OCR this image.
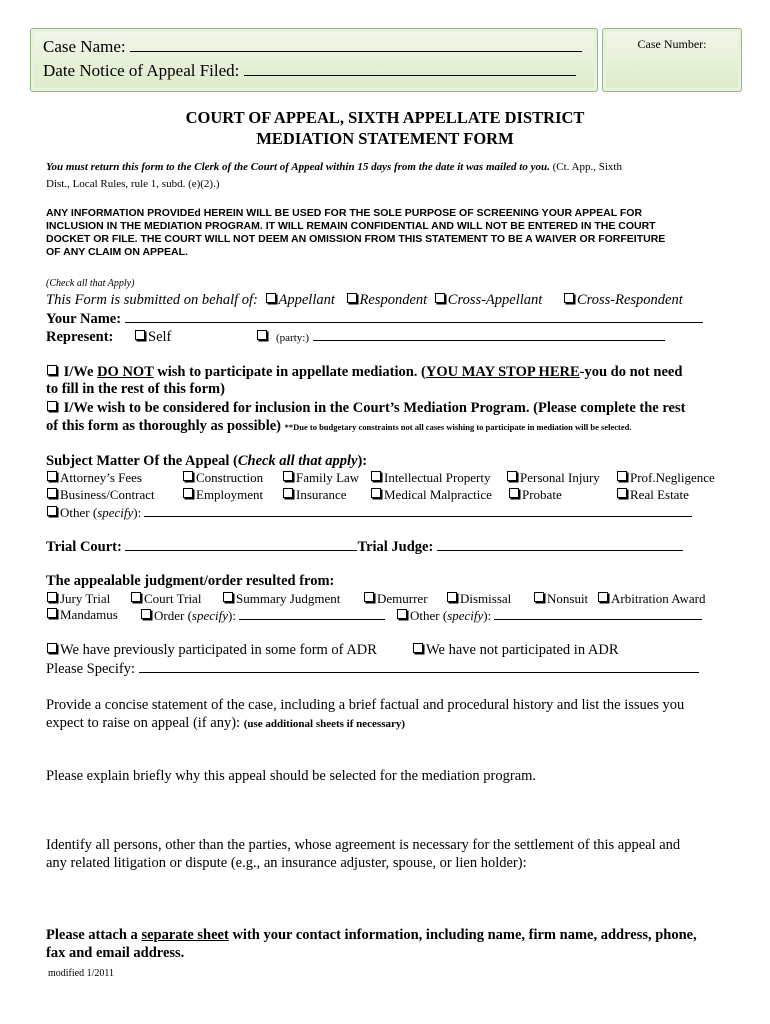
Case Name:
Date Notice of Appeal Filed:
Case Number:
COURT OF APPEAL, SIXTH APPELLATE DISTRICT
MEDIATION STATEMENT FORM
You must return this form to the Clerk of the Court of Appeal within 15 days from the date it was mailed to you. (Ct. App., Sixth
Dist., Local Rules, rule 1, subd. (e)(2).)
ANY INFORMATION PROVIDEd HEREIN WILL BE USED FOR THE SOLE PURPOSE OF SCREENING YOUR APPEAL FOR
INCLUSION IN THE MEDIATION PROGRAM. IT WILL REMAIN CONFIDENTIAL AND WILL NOT BE ENTERED IN THE COURT
DOCKET OR FILE. THE COURT WILL NOT DEEM AN OMISSION FROM THIS STATEMENT TO BE A WAIVER OR FORFEITURE
OF ANY CLAIM ON APPEAL.
(Check all that Apply)
This Form is submitted on behalf of: Appellant Respondent Cross-Appellant Cross-Respondent
Your Name:
Represent: Self	(party:)
I/We DO NOT wish to participate in appellate mediation. (YOU MAY STOP HERE-you do not need
to fill in the rest of this form)
I/We wish to be considered for inclusion in the Court’s Mediation Program. (Please complete the rest
of this form as thoroughly as possible) **Due to budgetary constraints not all cases wishing to participate in mediation will be selected.
Subject Matter Of the Appeal (Check all that apply):
Attorney’s Fees	Construction	Family Law	Intellectual Property	Personal Injury	Prof.Negligence
Business/Contract	Employment	Insurance	Medical Malpractice	Probate	Real Estate
Other (specify):
Trial Court:	Trial Judge:
The appealable judgment/order resulted from:
Jury Trial	Court Trial	Summary Judgment	Demurrer	Dismissal	Nonsuit	Arbitration Award
Mandamus	Order (specify):	Other (specify):
We have previously participated in some form of ADR	We have not participated in ADR
Please Specify:
Provide a concise statement of the case, including a brief factual and procedural history and list the issues you
expect to raise on appeal (if any): (use additional sheets if necessary)
Please explain briefly why this appeal should be selected for the mediation program.
Identify all persons, other than the parties, whose agreement is necessary for the settlement of this appeal and
any related litigation or dispute (e.g., an insurance adjuster, spouse, or lien holder):
Please attach a separate sheet with your contact information, including name, firm name, address, phone,
fax and email address.
modified 1/2011
